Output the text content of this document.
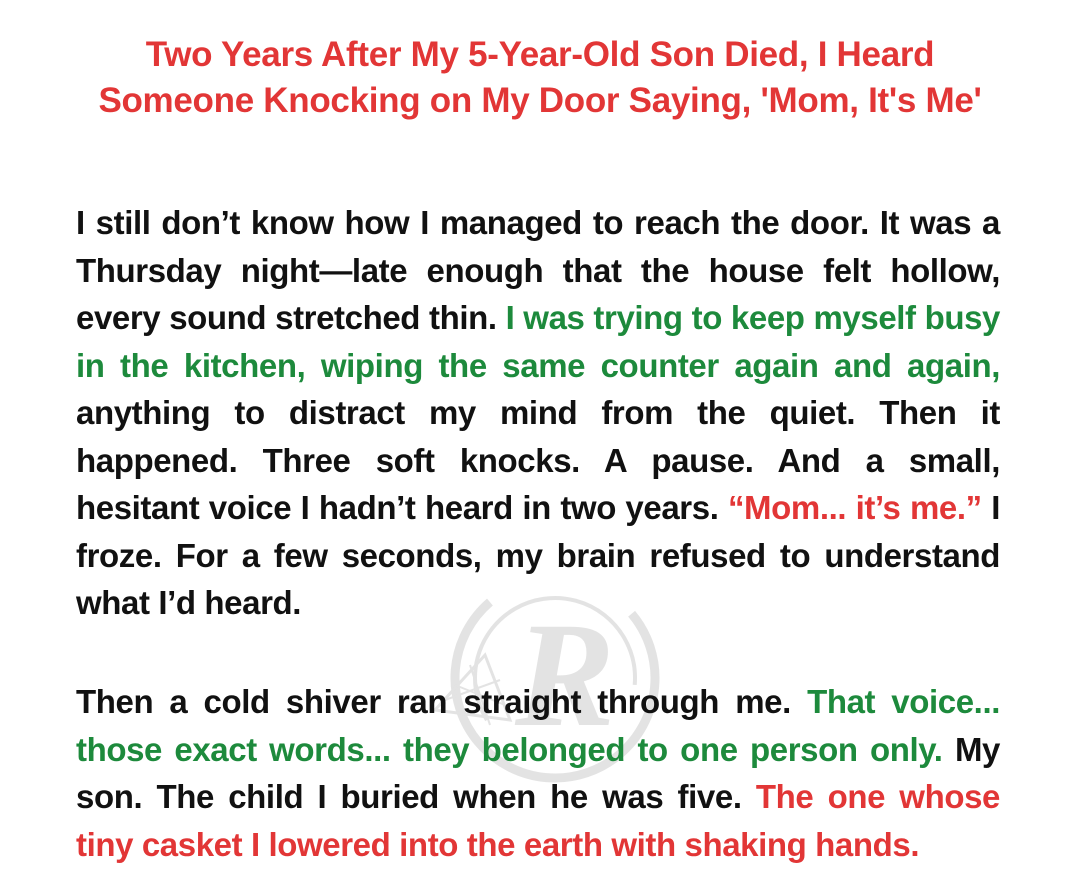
Two Years After My 5-Year-Old Son Died, I Heard Someone Knocking on My Door Saying, 'Mom, It's Me'
R

I still don’t know how I managed to reach the door. It was a Thursday night—late enough that the house felt hollow, every sound stretched thin. I was trying to keep myself busy in the kitchen, wiping the same counter again and again, anything to distract my mind from the quiet. Then it happened. Three soft knocks. A pause. And a small, hesitant voice I hadn’t heard in two years. “Mom... it’s me.” I froze. For a few seconds, my brain refused to understand what I’d heard.

Then a cold shiver ran straight through me. That voice... those exact words... they belonged to one person only. My son. The child I buried when he was five. The one whose tiny casket I lowered into the earth with shaking hands.
